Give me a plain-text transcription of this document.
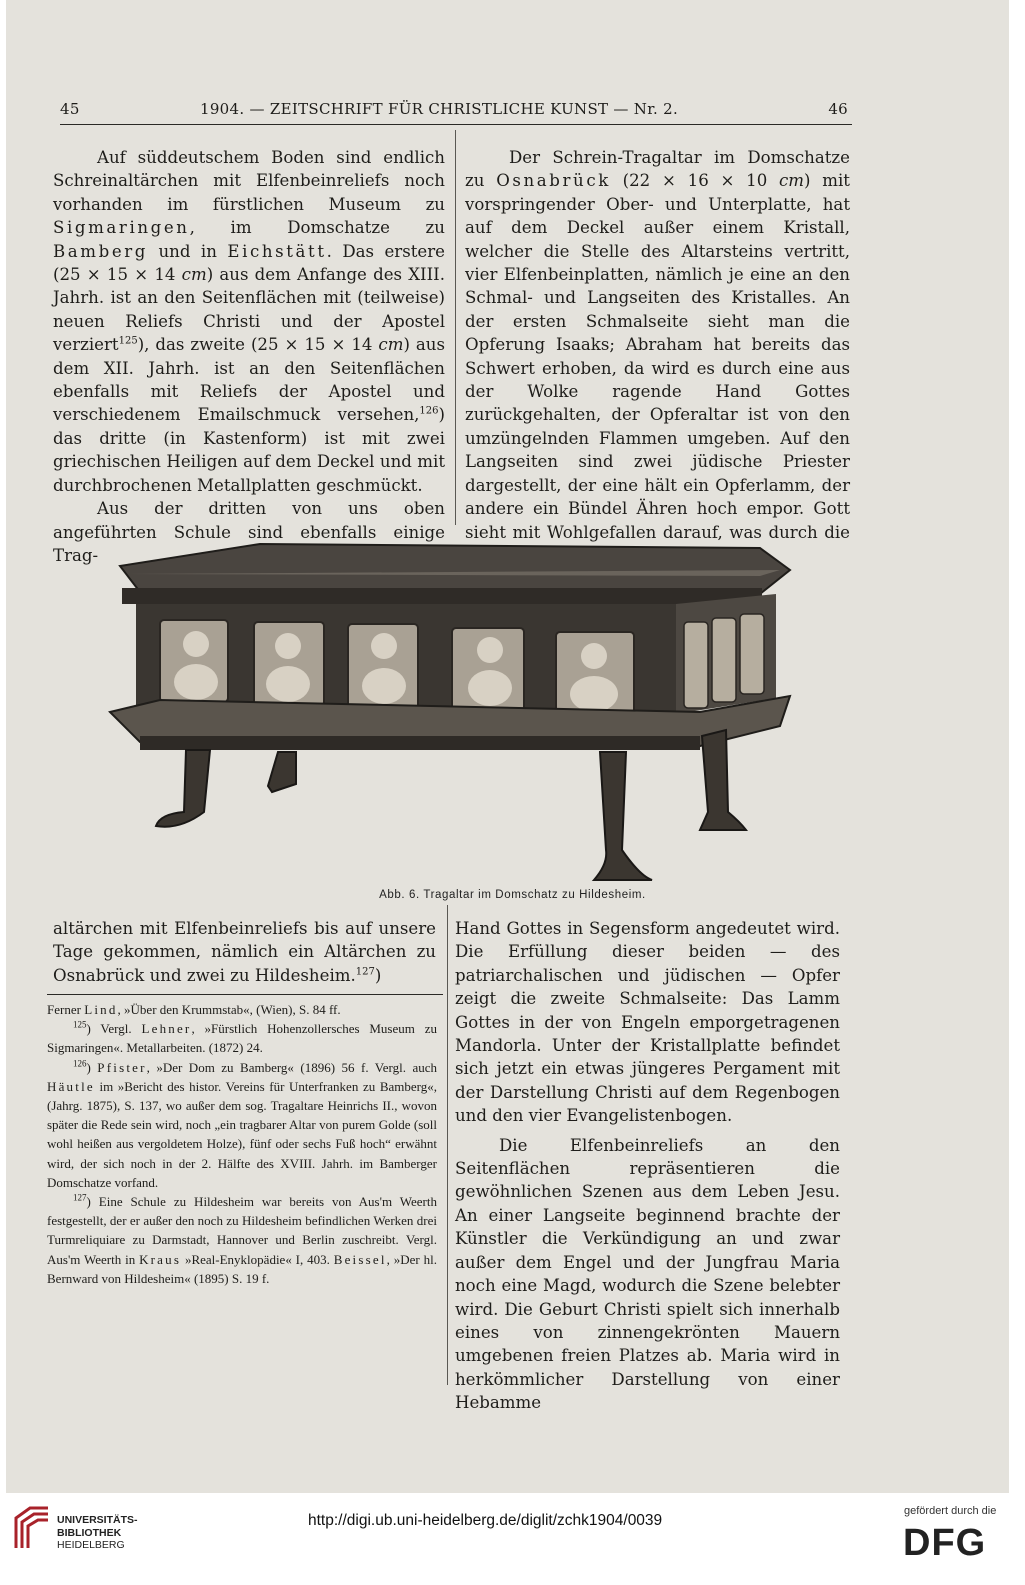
45	1904. — ZEITSCHRIFT FÜR CHRISTLICHE KUNST — Nr. 2.	46

Auf süddeutschem Boden sind endlich Schreinaltärchen mit Elfenbeinreliefs noch vorhanden im fürstlichen Museum zu Sigmaringen, im Domschatze zu Bamberg und in Eichstätt. Das erstere (25 × 15 × 14 cm) aus dem Anfange des XIII. Jahrh. ist an den Seitenflächen mit (teilweise) neuen Reliefs Christi und der Apostel verziert$^{125}$), das zweite (25 × 15 × 14 cm) aus dem XII. Jahrh. ist an den Seitenflächen ebenfalls mit Reliefs der Apostel und verschiedenem Emailschmuck versehen,$^{126}$) das dritte (in Kastenform) ist mit zwei griechischen Heiligen auf dem Deckel und mit durchbrochenen Metallplatten geschmückt.

Aus der dritten von uns oben angeführten Schule sind ebenfalls einige Trag-

Der Schrein-Tragaltar im Domschatze zu Osnabrück (22 × 16 × 10 cm) mit vorspringender Ober- und Unterplatte, hat auf dem Deckel außer einem Kristall, welcher die Stelle des Altarsteins vertritt, vier Elfenbeinplatten, nämlich je eine an den Schmal- und Langseiten des Kristalles. An der ersten Schmalseite sieht man die Opferung Isaaks; Abraham hat bereits das Schwert erhoben, da wird es durch eine aus der Wolke ragende Hand Gottes zurückgehalten, der Opferaltar ist von den umzüngelnden Flammen umgeben. Auf den Langseiten sind zwei jüdische Priester dargestellt, der eine hält ein Opferlamm, der andere ein Bündel Ähren hoch empor. Gott sieht mit Wohlgefallen darauf, was durch die

Abb. 6. Tragaltar im Domschatz zu Hildesheim.

altärchen mit Elfenbeinreliefs bis auf unsere Tage gekommen, nämlich ein Altärchen zu Osnabrück und zwei zu Hildesheim.$^{127}$)

Ferner Lind, »Über den Krummstab«, (Wien), S. 84 ff.

$^{125}$) Vergl. Lehner, »Fürstlich Hohenzollersches Museum zu Sigmaringen«. Metallarbeiten. (1872) 24.

$^{126}$) Pfister, »Der Dom zu Bamberg« (1896) 56 f. Vergl. auch Häutle im »Bericht des histor. Vereins für Unterfranken zu Bamberg«, (Jahrg. 1875), S. 137, wo außer dem sog. Tragaltare Heinrichs II., wovon später die Rede sein wird, noch „ein tragbarer Altar von purem Golde (soll wohl heißen aus vergoldetem Holze), fünf oder sechs Fuß hoch“ erwähnt wird, der sich noch in der 2. Hälfte des XVIII. Jahrh. im Bamberger Domschatze vorfand.

$^{127}$) Eine Schule zu Hildesheim war bereits von Aus'm Weerth festgestellt, der er außer den noch zu Hildesheim befindlichen Werken drei Turmreliquiare zu Darmstadt, Hannover und Berlin zuschreibt. Vergl. Aus'm Weerth in Kraus »Real-Enyklopädie« I, 403. Beissel, »Der hl. Bernward von Hildesheim« (1895) S. 19 f.

Hand Gottes in Segensform angedeutet wird. Die Erfüllung dieser beiden — des patriarchalischen und jüdischen — Opfer zeigt die zweite Schmalseite: Das Lamm Gottes in der von Engeln emporgetragenen Mandorla. Unter der Kristallplatte befindet sich jetzt ein etwas jüngeres Pergament mit der Darstellung Christi auf dem Regenbogen und den vier Evangelistenbogen.

Die Elfenbeinreliefs an den Seitenflächen repräsentieren die gewöhnlichen Szenen aus dem Leben Jesu. An einer Langseite beginnend brachte der Künstler die Verkündigung an und zwar außer dem Engel und der Jungfrau Maria noch eine Magd, wodurch die Szene belebter wird. Die Geburt Christi spielt sich innerhalb eines von zinnengekrönten Mauern umgebenen freien Platzes ab. Maria wird in herkömmlicher Darstellung von einer Hebamme

UNIVERSITÄTS-
BIBLIOTHEK
HEIDELBERG
http://digi.ub.uni-heidelberg.de/diglit/zchk1904/0039
gefördert durch die
DFG
